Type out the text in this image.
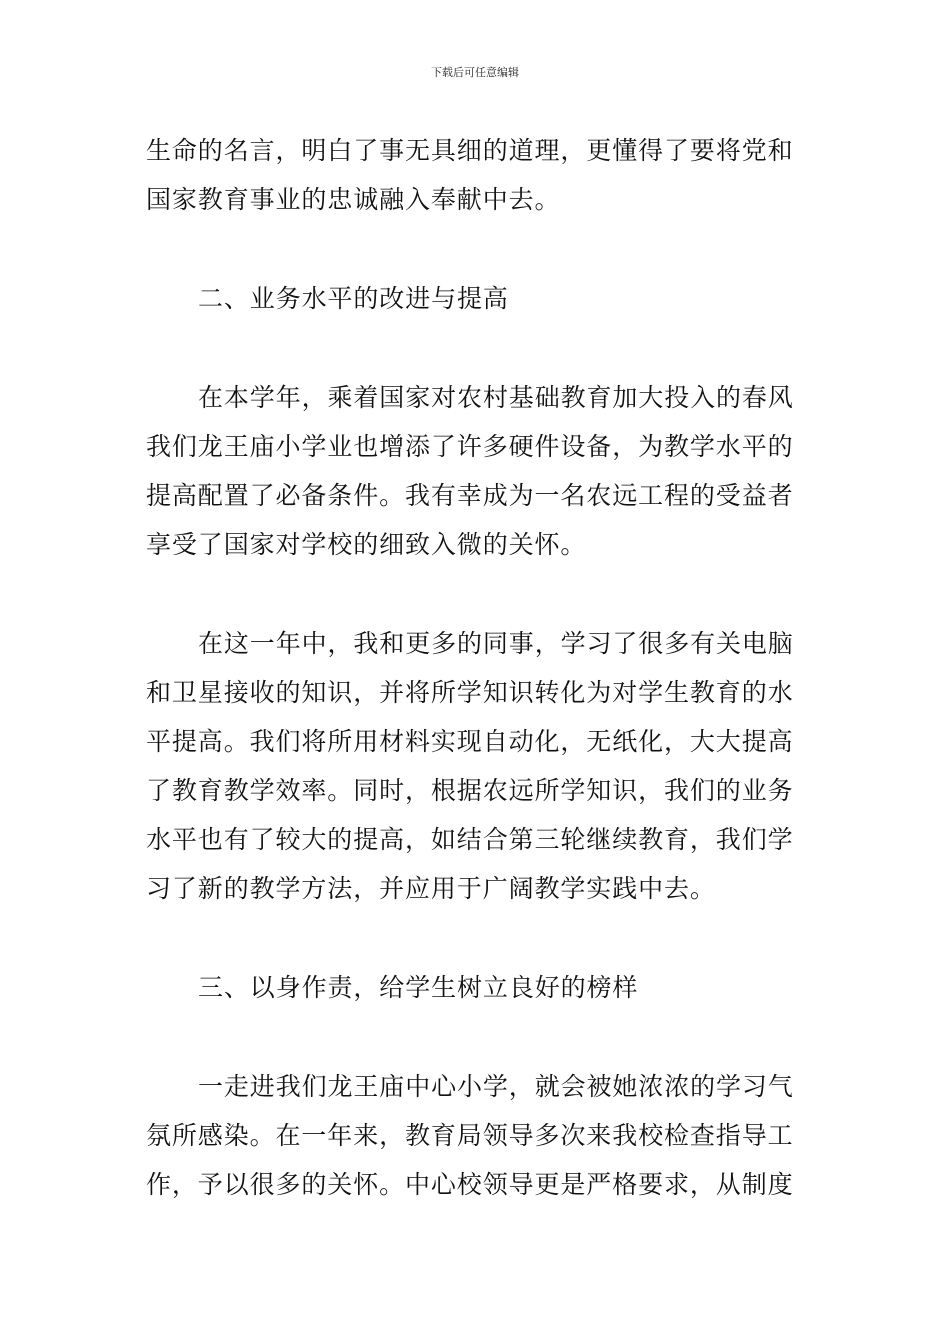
下载后可任意编辑

生命的名言，明白了事无具细的道理，更懂得了要将党和
国家教育事业的忠诚融入奉献中去。

二、业务水平的改进与提高

在本学年，乘着国家对农村基础教育加大投入的春风
我们龙王庙小学业也增添了许多硬件设备，为教学水平的
提高配置了必备条件。我有幸成为一名农远工程的受益者
享受了国家对学校的细致入微的关怀。

在这一年中，我和更多的同事，学习了很多有关电脑
和卫星接收的知识，并将所学知识转化为对学生教育的水
平提高。我们将所用材料实现自动化，无纸化，大大提高
了教育教学效率。同时，根据农远所学知识，我们的业务
水平也有了较大的提高，如结合第三轮继续教育，我们学
习了新的教学方法，并应用于广阔教学实践中去。

三、以身作责，给学生树立良好的榜样

一走进我们龙王庙中心小学，就会被她浓浓的学习气
氛所感染。在一年来，教育局领导多次来我校检查指导工
作，予以很多的关怀。中心校领导更是严格要求，从制度
